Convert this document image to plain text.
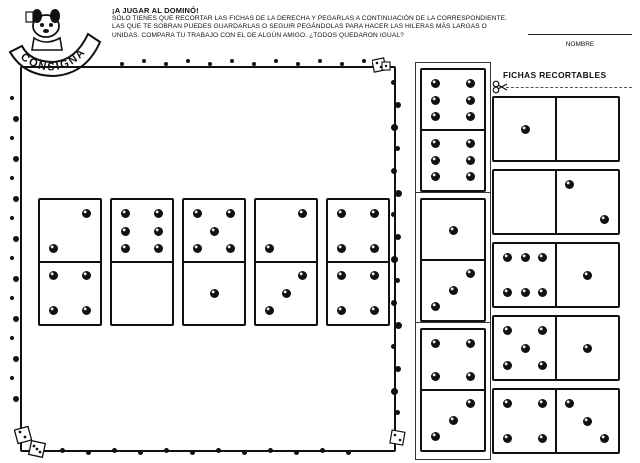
CONSIGNA
¡A JUGAR AL DOMINÓ!
SÓLO TIENES QUE RECORTAR LAS FICHAS DE LA DERECHA Y PEGARLAS A CONTINUACIÓN DE LA CORRESPONDIENTE. LAS QUE TE SOBRAN PUEDES GUARDARLAS O SEGUIR PEGÁNDOLAS PARA HACER LAS HILERAS MÁS LARGAS O UNIDAS. COMPARA TU TRABAJO CON EL DE ALGÚN AMIGO. ¿TODOS QUEDARON IGUAL?
NOMBRE
FICHAS RECORTABLES
